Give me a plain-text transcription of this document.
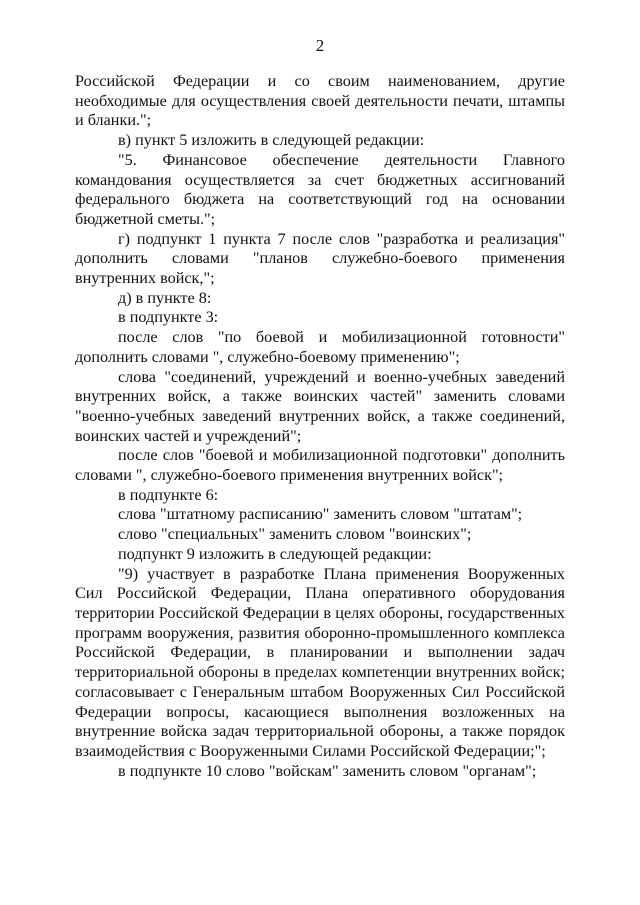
2

Российской Федерации и со своим наименованием, другие необходимые для осуществления своей деятельности печати, штампы и бланки.";

в) пункт 5 изложить в следующей редакции:

"5. Финансовое обеспечение деятельности Главного командования осуществляется за счет бюджетных ассигнований федерального бюджета на соответствующий год на основании бюджетной сметы.";

г) подпункт 1 пункта 7 после слов "разработка и реализация" дополнить словами "планов служебно-боевого применения внутренних войск,";

д) в пункте 8:

в подпункте 3:

после слов "по боевой и мобилизационной готовности" дополнить словами ", служебно-боевому применению";

слова "соединений, учреждений и военно-учебных заведений внутренних войск, а также воинских частей" заменить словами "военно-учебных заведений внутренних войск, а также соединений, воинских частей и учреждений";

после слов "боевой и мобилизационной подготовки" дополнить словами ", служебно-боевого применения внутренних войск";

в подпункте 6:

слова "штатному расписанию" заменить словом "штатам";

слово "специальных" заменить словом "воинских";

подпункт 9 изложить в следующей редакции:

"9) участвует в разработке Плана применения Вооруженных Сил Российской Федерации, Плана оперативного оборудования территории Российской Федерации в целях обороны, государственных программ вооружения, развития оборонно-промышленного комплекса Российской Федерации, в планировании и выполнении задач территориальной обороны в пределах компетенции внутренних войск; согласовывает с Генеральным штабом Вооруженных Сил Российской Федерации вопросы, касающиеся выполнения возложенных на внутренние войска задач территориальной обороны, а также порядок взаимодействия с Вооруженными Силами Российской Федерации;";

в подпункте 10 слово "войскам" заменить словом "органам";
